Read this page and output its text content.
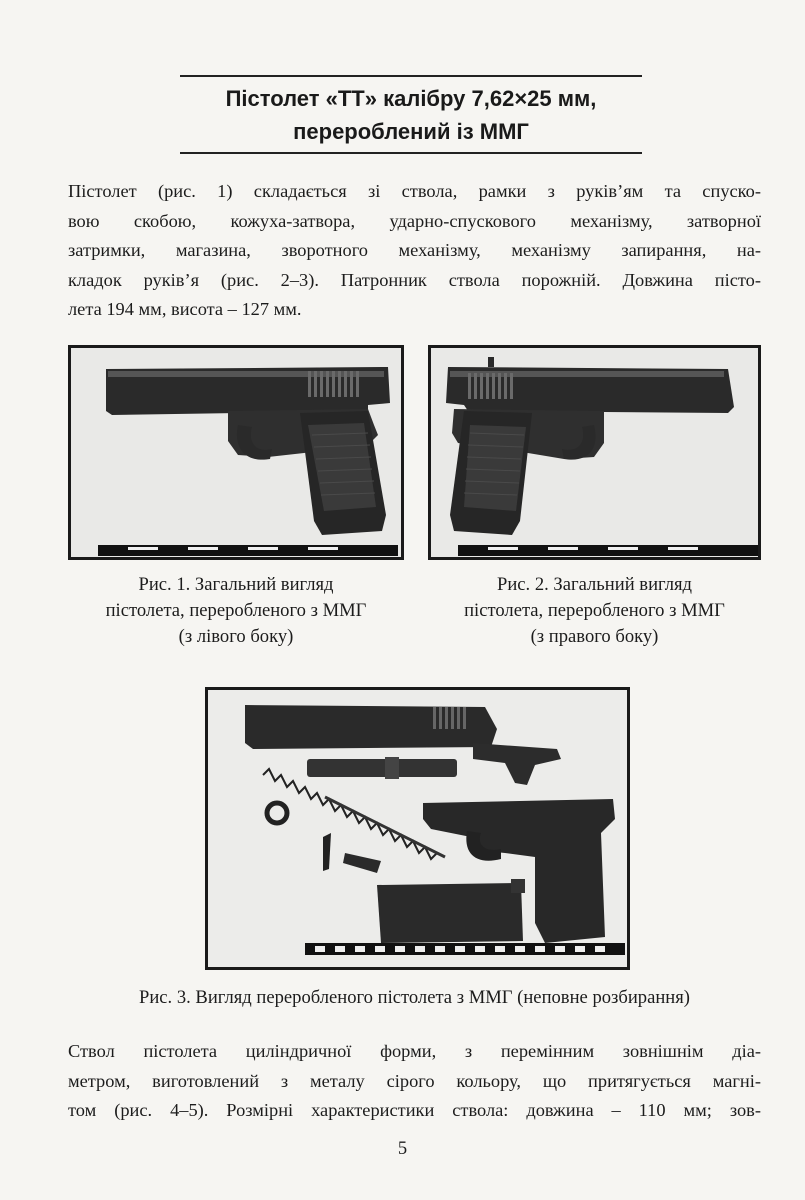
Пістолет «ТТ» калібру 7,62×25 мм,
перероблений із ММГ
Пістолет (рис. 1) складається зі ствола, рамки з руків’ям та спуско-
вою скобою, кожуха-затвора, ударно-спускового механізму, затворної
затримки, магазина, зворотного механізму, механізму запирання, на-
кладок руків’я (рис. 2–3). Патронник ствола порожній. Довжина пісто-
лета 194 мм, висота – 127 мм.
Рис. 1. Загальний вигляд
пістолета, переробленого з ММГ
(з лівого боку)
Рис. 2. Загальний вигляд
пістолета, переробленого з ММГ
(з правого боку)
Рис. 3. Вигляд переробленого пістолета з ММГ (неповне розбирання)
Ствол пістолета циліндричної форми, з перемінним зовнішнім діа-
метром, виготовлений з металу сірого кольору, що притягується магні-
том (рис. 4–5). Розмірні характеристики ствола: довжина – 110 мм; зов-
5
